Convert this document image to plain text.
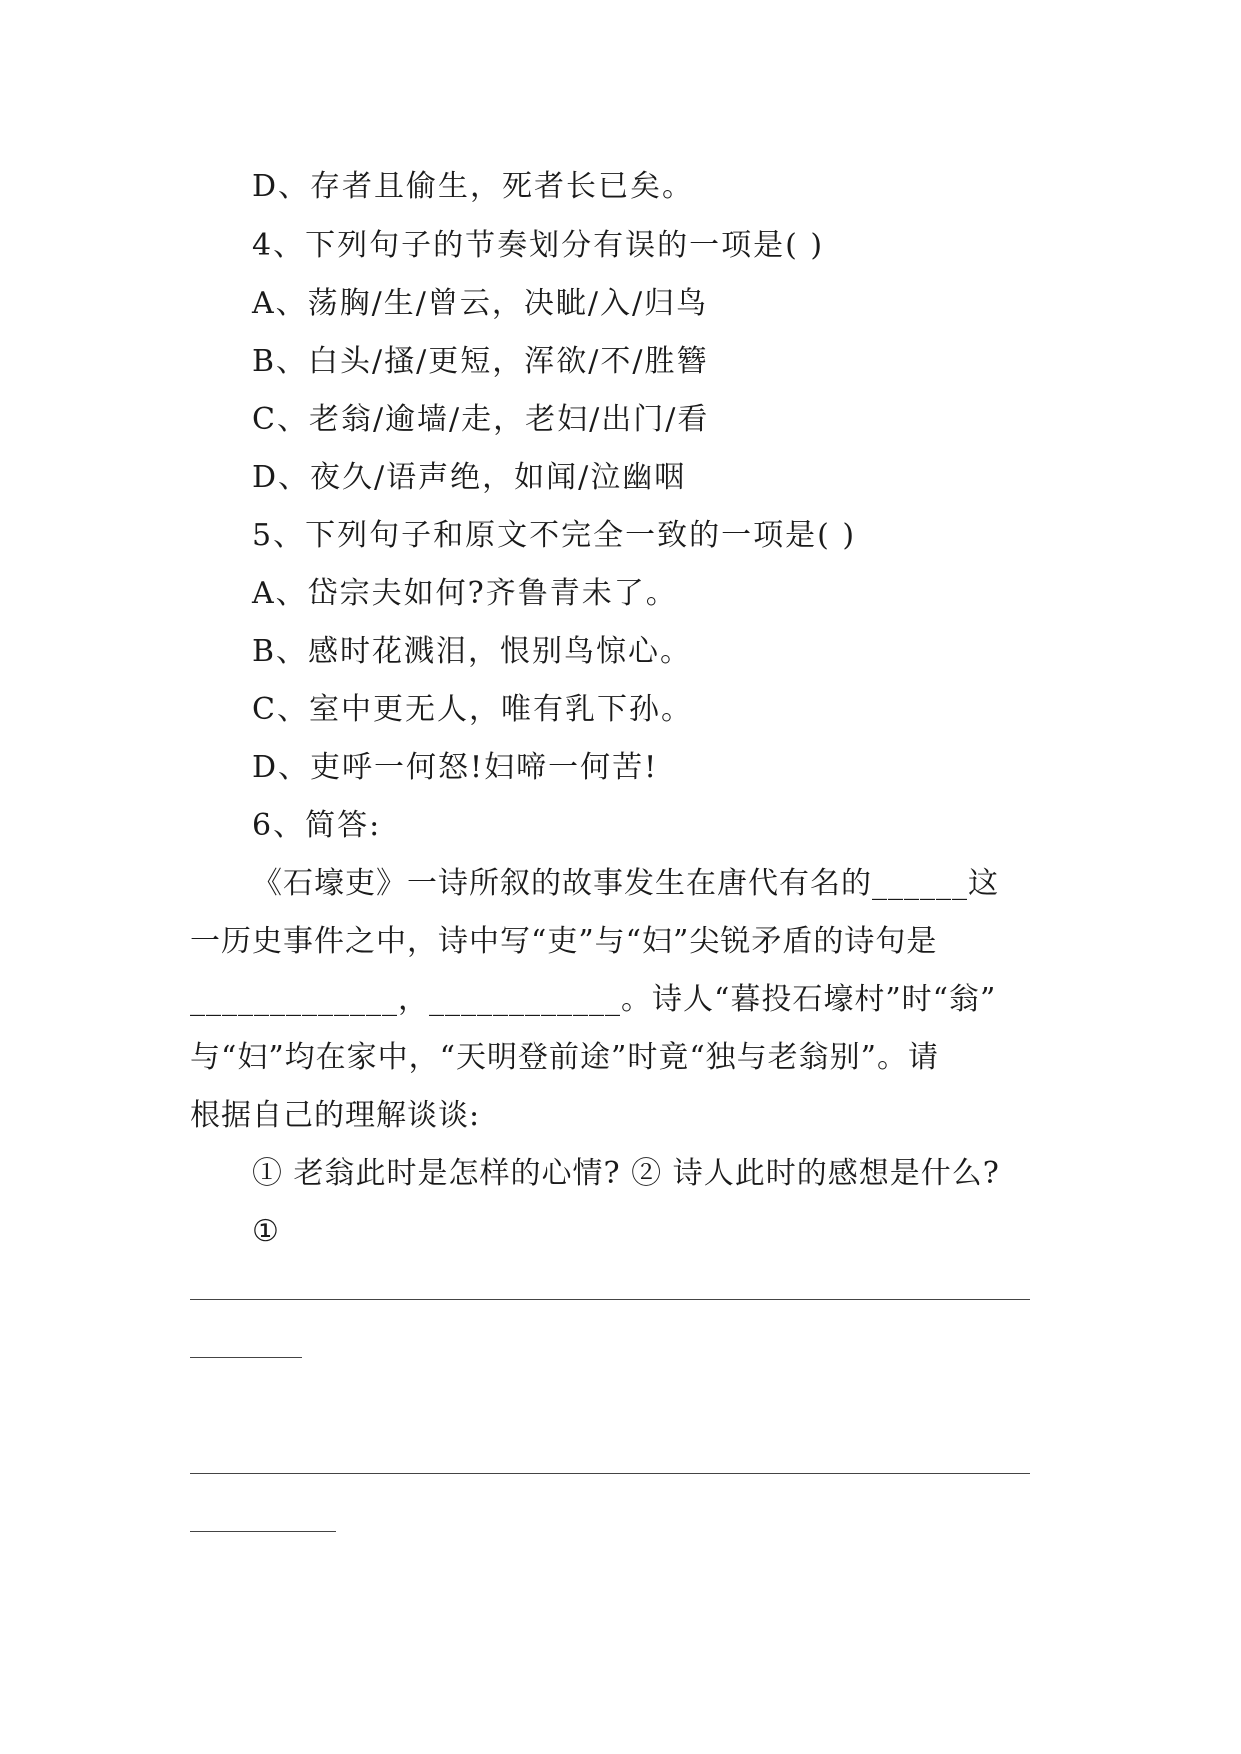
D、存者且偷生，死者长已矣。
4、下列句子的节奏划分有误的一项是( )
A、荡胸/生/曾云，决眦/入/归鸟
B、白头/搔/更短，浑欲/不/胜簪
C、老翁/逾墙/走，老妇/出门/看
D、夜久/语声绝，如闻/泣幽咽
5、下列句子和原文不完全一致的一项是( )
A、岱宗夫如何?齐鲁青未了。
B、感时花溅泪，恨别鸟惊心。
C、室中更无人，唯有乳下孙。
D、吏呼一何怒!妇啼一何苦!
6、简答:
《石壕吏》一诗所叙的故事发生在唐代有名的______这
一历史事件之中，诗中写“吏”与“妇”尖锐矛盾的诗句是
_____________，____________。诗人“暮投石壕村”时“翁”
与“妇”均在家中，“天明登前途”时竟“独与老翁别”。请
根据自己的理解谈谈:
① 老翁此时是怎样的心情? ② 诗人此时的感想是什么?
①
